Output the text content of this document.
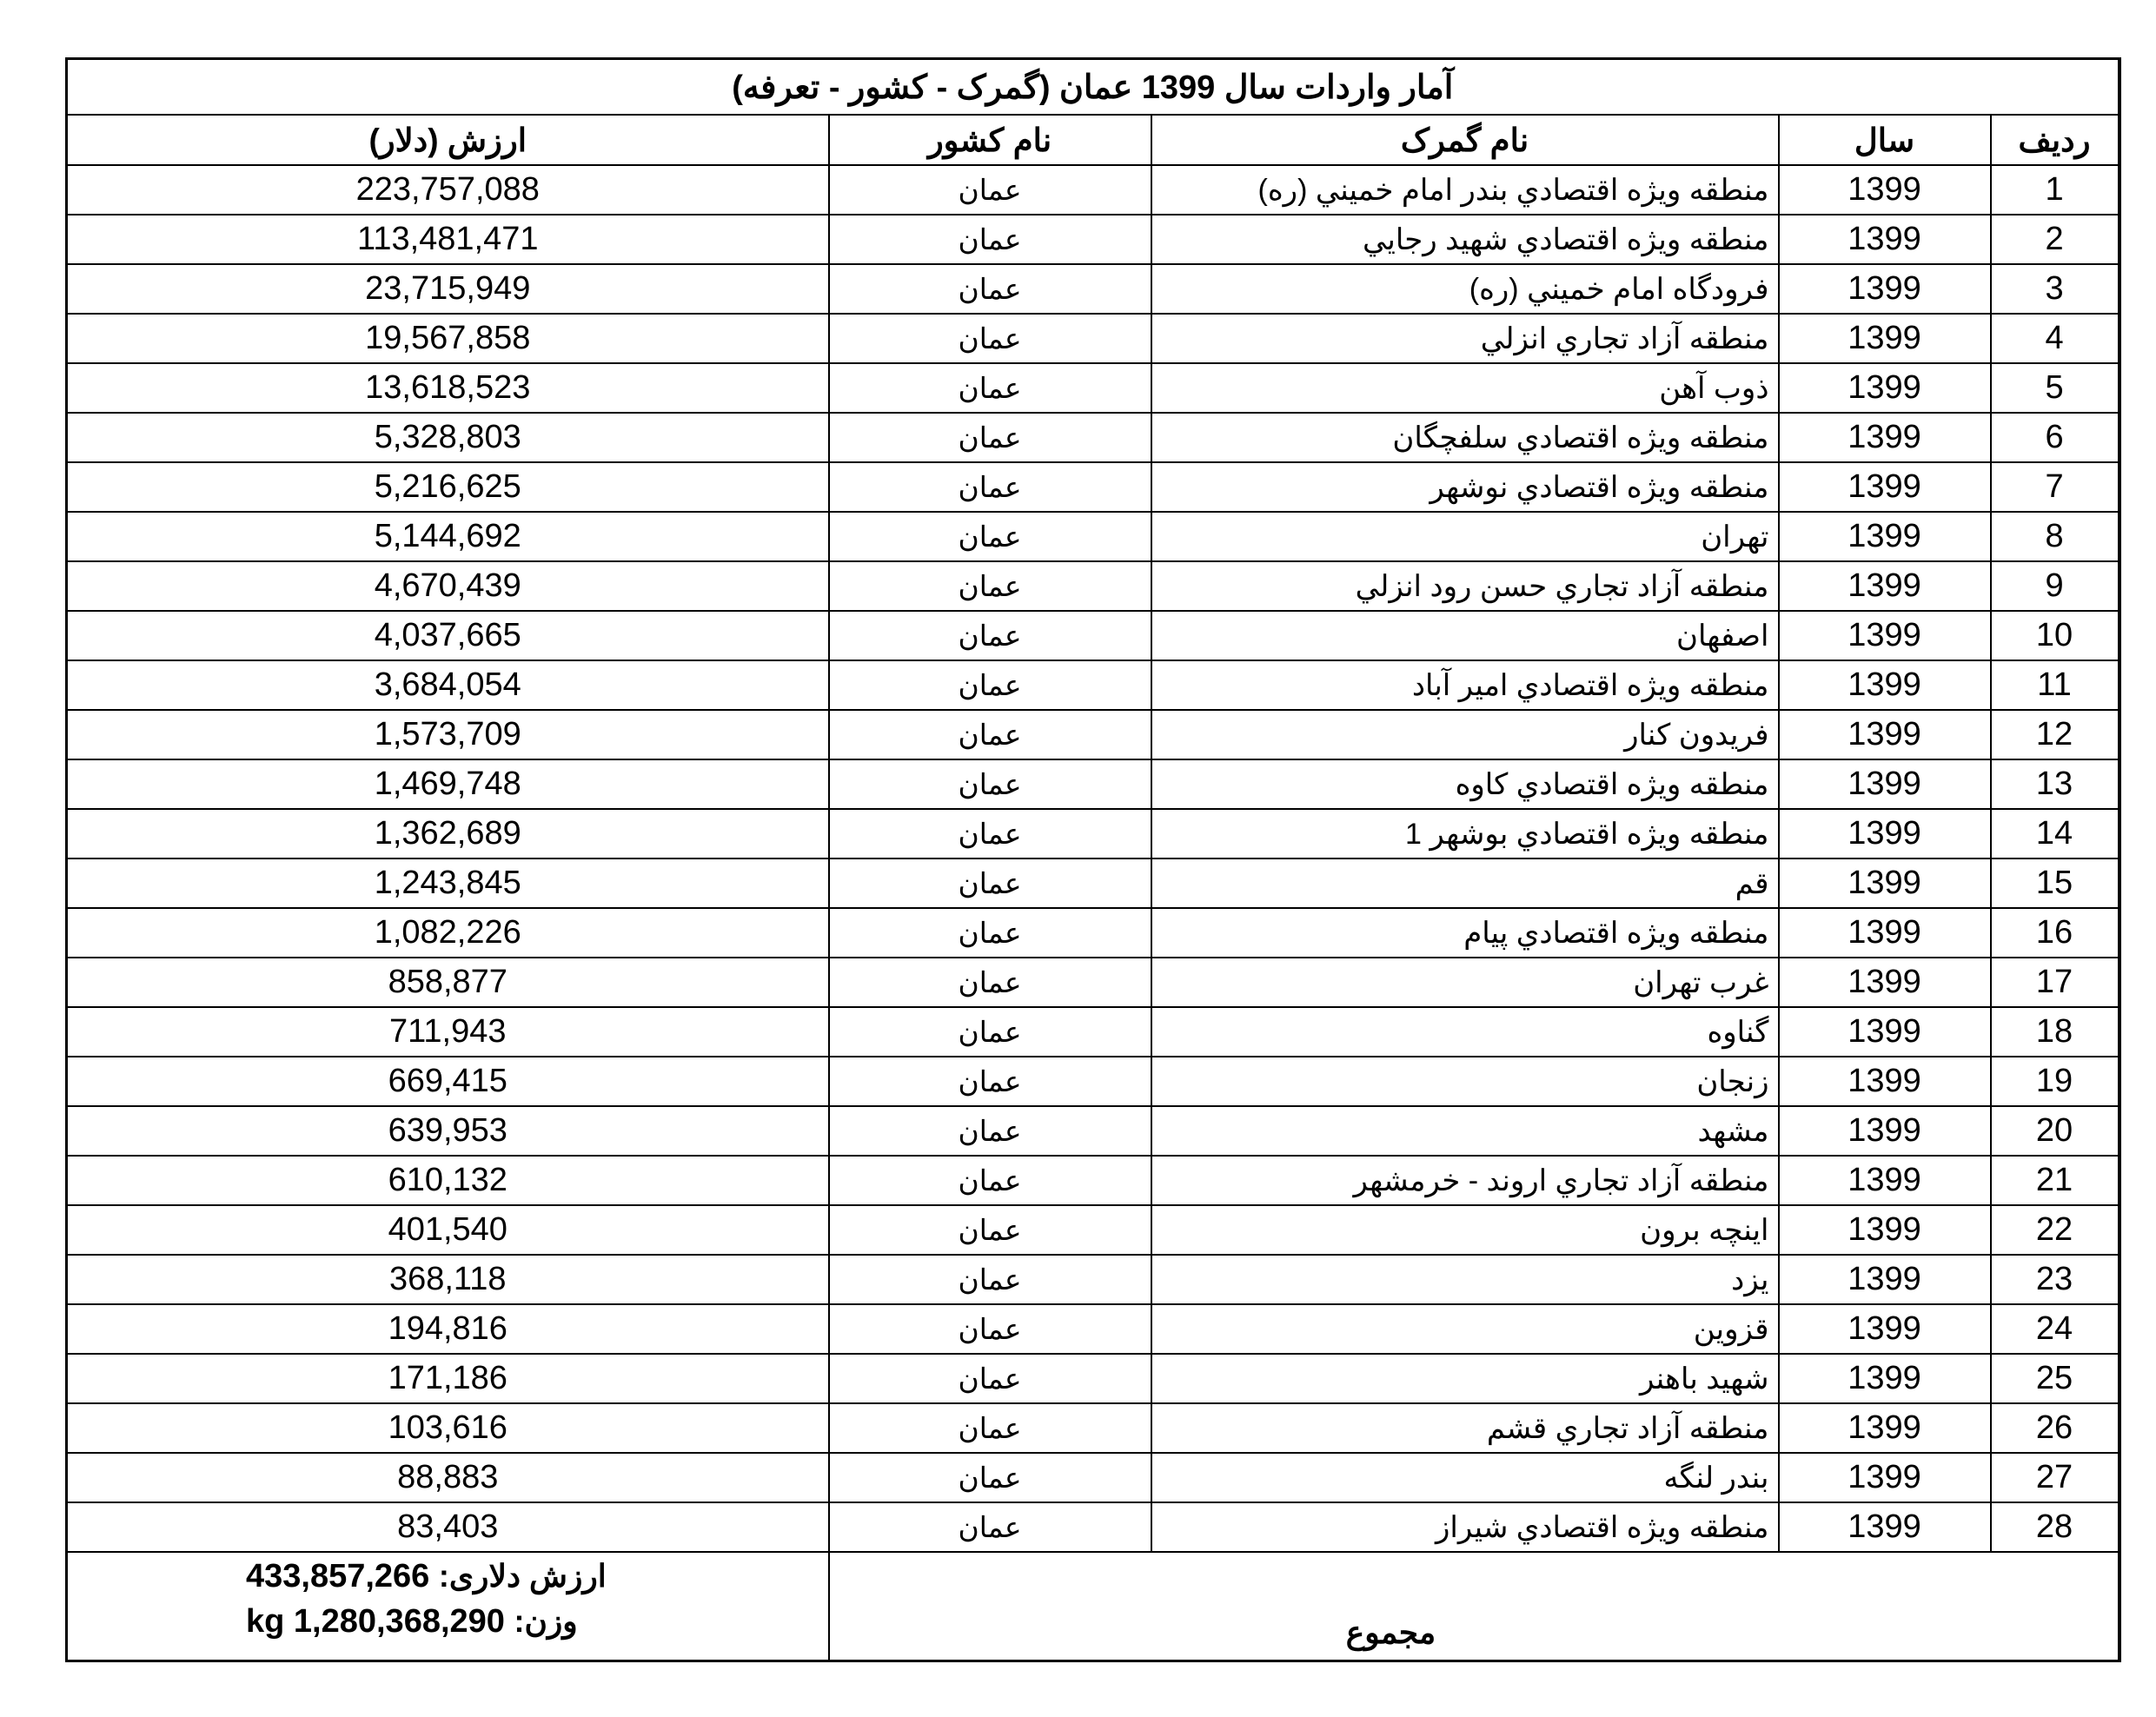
آمار واردات سال 1399 عمان (گمرک - کشور - تعرفه)				
ارزش (دلار)	نام کشور	نام گمرک	سال	رديف
223,757,088	عمان	منطقه ويژه اقتصادي بندر امام خميني (ره)	1399	1
113,481,471	عمان	منطقه ويژه اقتصادي شهيد رجايي	1399	2
23,715,949	عمان	فرودگاه امام خميني (ره)	1399	3
19,567,858	عمان	منطقه آزاد تجاري انزلي	1399	4
13,618,523	عمان	ذوب آهن	1399	5
5,328,803	عمان	منطقه ويژه اقتصادي سلفچگان	1399	6
5,216,625	عمان	منطقه ويژه اقتصادي نوشهر	1399	7
5,144,692	عمان	تهران	1399	8
4,670,439	عمان	منطقه آزاد تجاري حسن رود انزلي	1399	9
4,037,665	عمان	اصفهان	1399	10
3,684,054	عمان	منطقه ويژه اقتصادي امير آباد	1399	11
1,573,709	عمان	فريدون كنار	1399	12
1,469,748	عمان	منطقه ويژه اقتصادي كاوه	1399	13
1,362,689	عمان	منطقه ويژه اقتصادي بوشهر 1	1399	14
1,243,845	عمان	قم	1399	15
1,082,226	عمان	منطقه ويژه اقتصادي پيام	1399	16
858,877	عمان	غرب تهران	1399	17
711,943	عمان	گناوه	1399	18
669,415	عمان	زنجان	1399	19
639,953	عمان	مشهد	1399	20
610,132	عمان	منطقه آزاد تجاري اروند - خرمشهر	1399	21
401,540	عمان	اينچه برون	1399	22
368,118	عمان	يزد	1399	23
194,816	عمان	قزوين	1399	24
171,186	عمان	شهيد باهنر	1399	25
103,616	عمان	منطقه آزاد تجاري قشم	1399	26
88,883	عمان	بندر لنگه	1399	27
83,403	عمان	منطقه ويژه اقتصادي شيراز	1399	28

433,857,266 ارزش دلاری:
kg 1,280,368,290 وزن:	مجموع			
